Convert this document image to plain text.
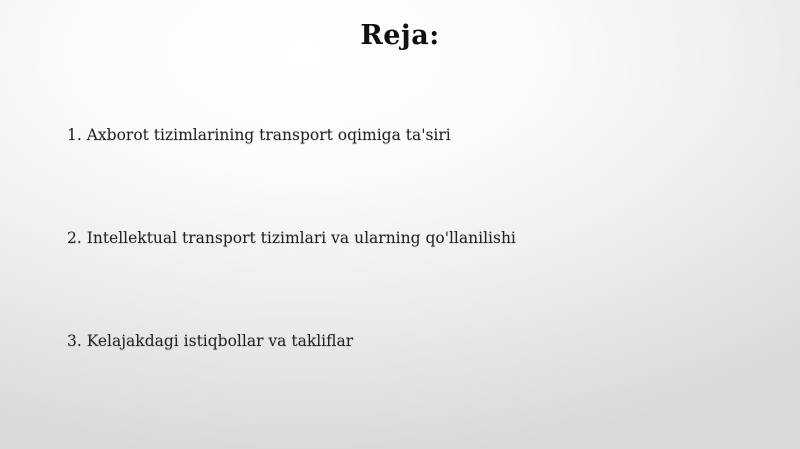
Reja:
1. Axborot tizimlarining transport oqimiga ta'siri
2. Intellektual transport tizimlari va ularning qo'llanilishi
3. Kelajakdagi istiqbollar va takliflar
